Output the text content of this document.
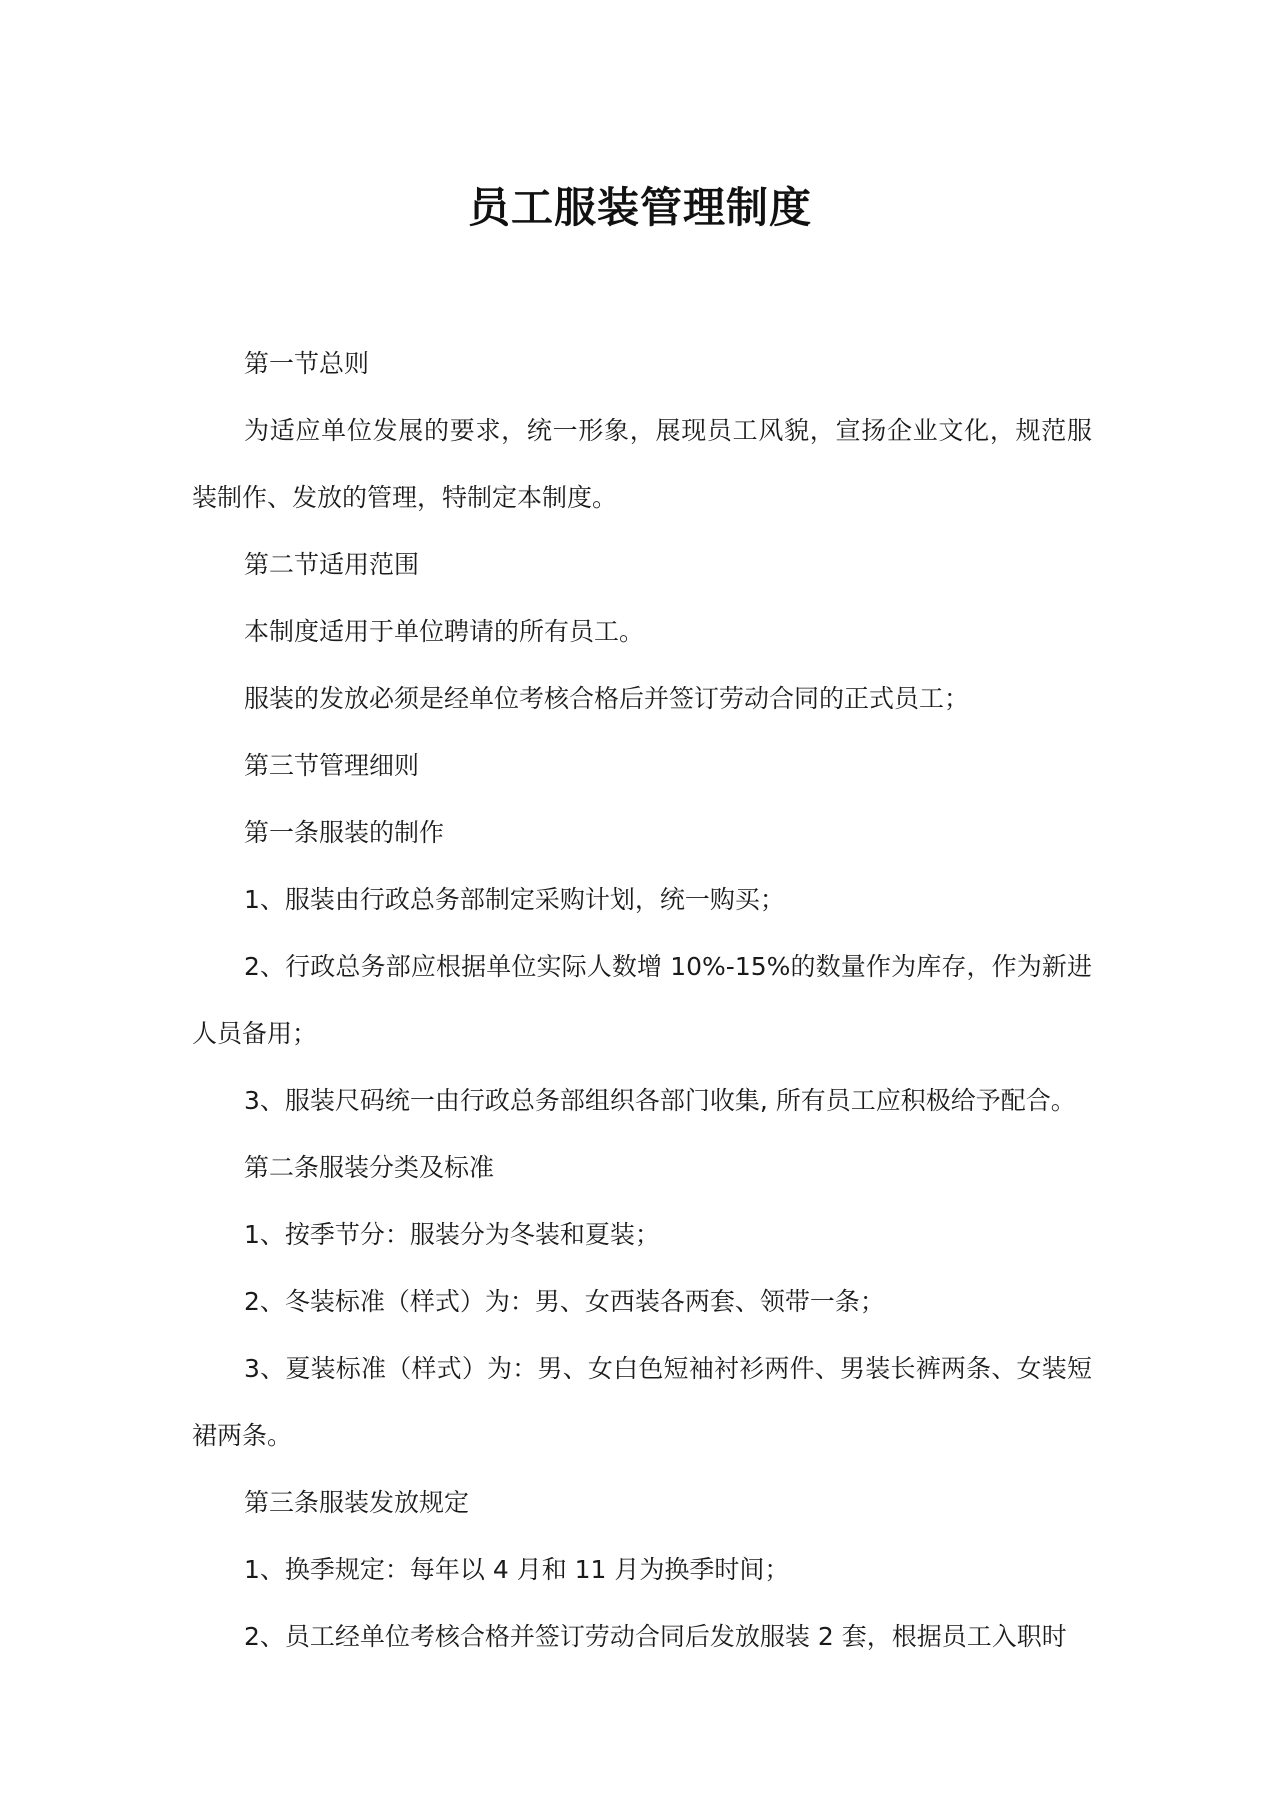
员工服装管理制度

第一节总则

为适应单位发展的要求，统一形象，展现员工风貌，宣扬企业文化，规范服装制作、发放的管理，特制定本制度。

第二节适用范围

本制度适用于单位聘请的所有员工。

服装的发放必须是经单位考核合格后并签订劳动合同的正式员工；

第三节管理细则

第一条服装的制作

1、服装由行政总务部制定采购计划，统一购买；

2、行政总务部应根据单位实际人数增 10%-15%的数量作为库存，作为新进人员备用；

3、服装尺码统一由行政总务部组织各部门收集, 所有员工应积极给予配合。

第二条服装分类及标准

1、按季节分：服装分为冬装和夏装；

2、冬装标准（样式）为：男、女西装各两套、领带一条；

3、夏装标准（样式）为：男、女白色短袖衬衫两件、男装长裤两条、女装短裙两条。

第三条服装发放规定

1、换季规定：每年以 4 月和 11 月为换季时间；

2、员工经单位考核合格并签订劳动合同后发放服装 2 套，根据员工入职时
